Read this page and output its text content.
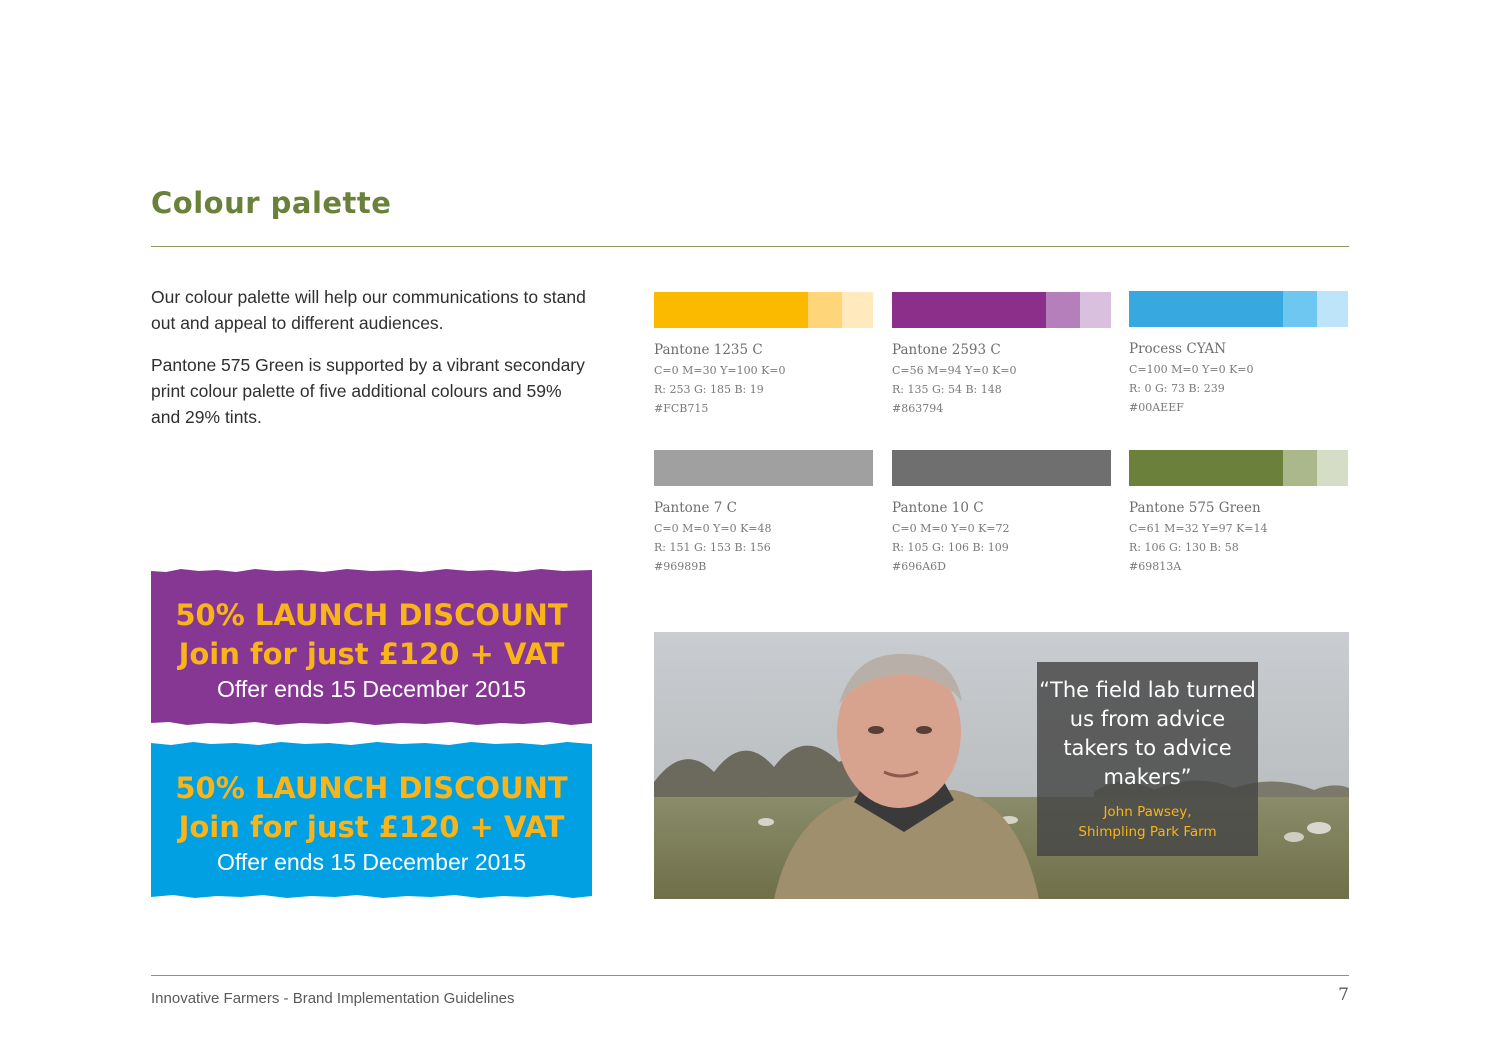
Colour palette

Our colour palette will help our communications to stand out and appeal to different audiences.

Pantone 575 Green is supported by a vibrant secondary print colour palette of five additional colours and 59% and 29% tints.

Pantone 1235 C
C=0 M=30 Y=100 K=0
R: 253 G: 185 B: 19
#FCB715
Pantone 2593 C
C=56 M=94 Y=0 K=0
R: 135 G: 54 B: 148
#863794
Process CYAN
C=100 M=0 Y=0 K=0
R: 0 G: 73 B: 239
#00AEEF
Pantone 7 C
C=0 M=0 Y=0 K=48
R: 151 G: 153 B: 156
#96989B
Pantone 10 C
C=0 M=0 Y=0 K=72
R: 105 G: 106 B: 109
#696A6D
Pantone 575 Green
C=61 M=32 Y=97 K=14
R: 106 G: 130 B: 58
#69813A
50% LAUNCH DISCOUNT
Join for just £120 + VAT
Offer ends 15 December 2015
50% LAUNCH DISCOUNT
Join for just £120 + VAT
Offer ends 15 December 2015
“The field lab turned us from advice takers to advice makers”
John Pawsey,
Shimpling Park Farm
Innovative Farmers - Brand Implementation Guidelines	7
